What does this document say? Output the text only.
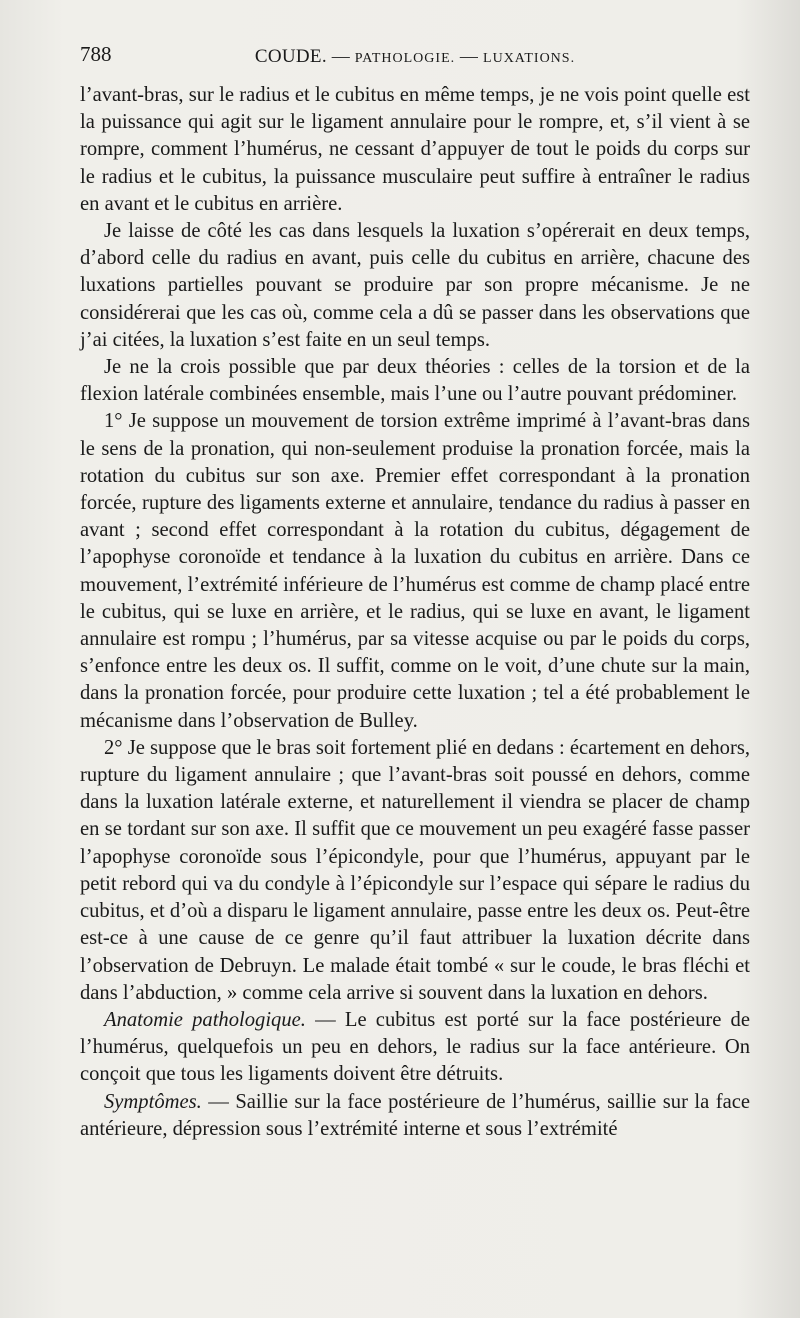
788	COUDE. — PATHOLOGIE. — LUXATIONS.

l’avant-bras, sur le radius et le cubitus en même temps, je ne vois point quelle est la puissance qui agit sur le ligament annulaire pour le rompre, et, s’il vient à se rompre, comment l’humérus, ne cessant d’appuyer de tout le poids du corps sur le radius et le cubitus, la puissance musculaire peut suffire à entraîner le radius en avant et le cubitus en arrière.

Je laisse de côté les cas dans lesquels la luxation s’opérerait en deux temps, d’abord celle du radius en avant, puis celle du cubitus en arrière, chacune des luxations partielles pouvant se produire par son propre mécanisme. Je ne considérerai que les cas où, comme cela a dû se passer dans les observations que j’ai citées, la luxation s’est faite en un seul temps.

Je ne la crois possible que par deux théories : celles de la torsion et de la flexion latérale combinées ensemble, mais l’une ou l’autre pouvant prédominer.

1° Je suppose un mouvement de torsion extrême imprimé à l’avant-bras dans le sens de la pronation, qui non-seulement produise la pronation forcée, mais la rotation du cubitus sur son axe. Premier effet correspondant à la pronation forcée, rupture des ligaments externe et annulaire, tendance du radius à passer en avant ; second effet correspondant à la rotation du cubitus, dégagement de l’apophyse coronoïde et tendance à la luxation du cubitus en arrière. Dans ce mouvement, l’extrémité inférieure de l’humérus est comme de champ placé entre le cubitus, qui se luxe en arrière, et le radius, qui se luxe en avant, le ligament annulaire est rompu ; l’humérus, par sa vitesse acquise ou par le poids du corps, s’enfonce entre les deux os. Il suffit, comme on le voit, d’une chute sur la main, dans la pronation forcée, pour produire cette luxation ; tel a été probablement le mécanisme dans l’observation de Bulley.

2° Je suppose que le bras soit fortement plié en dedans : écartement en dehors, rupture du ligament annulaire ; que l’avant-bras soit poussé en dehors, comme dans la luxation latérale externe, et naturellement il viendra se placer de champ en se tordant sur son axe. Il suffit que ce mouvement un peu exagéré fasse passer l’apophyse coronoïde sous l’épicondyle, pour que l’humérus, appuyant par le petit rebord qui va du condyle à l’épicondyle sur l’espace qui sépare le radius du cubitus, et d’où a disparu le ligament annulaire, passe entre les deux os. Peut-être est-ce à une cause de ce genre qu’il faut attribuer la luxation décrite dans l’observation de Debruyn. Le malade était tombé « sur le coude, le bras fléchi et dans l’abduction, » comme cela arrive si souvent dans la luxation en dehors.

Anatomie pathologique. — Le cubitus est porté sur la face postérieure de l’humérus, quelquefois un peu en dehors, le radius sur la face antérieure. On conçoit que tous les ligaments doivent être détruits.

Symptômes. — Saillie sur la face postérieure de l’humérus, saillie sur la face antérieure, dépression sous l’extrémité interne et sous l’extrémité
